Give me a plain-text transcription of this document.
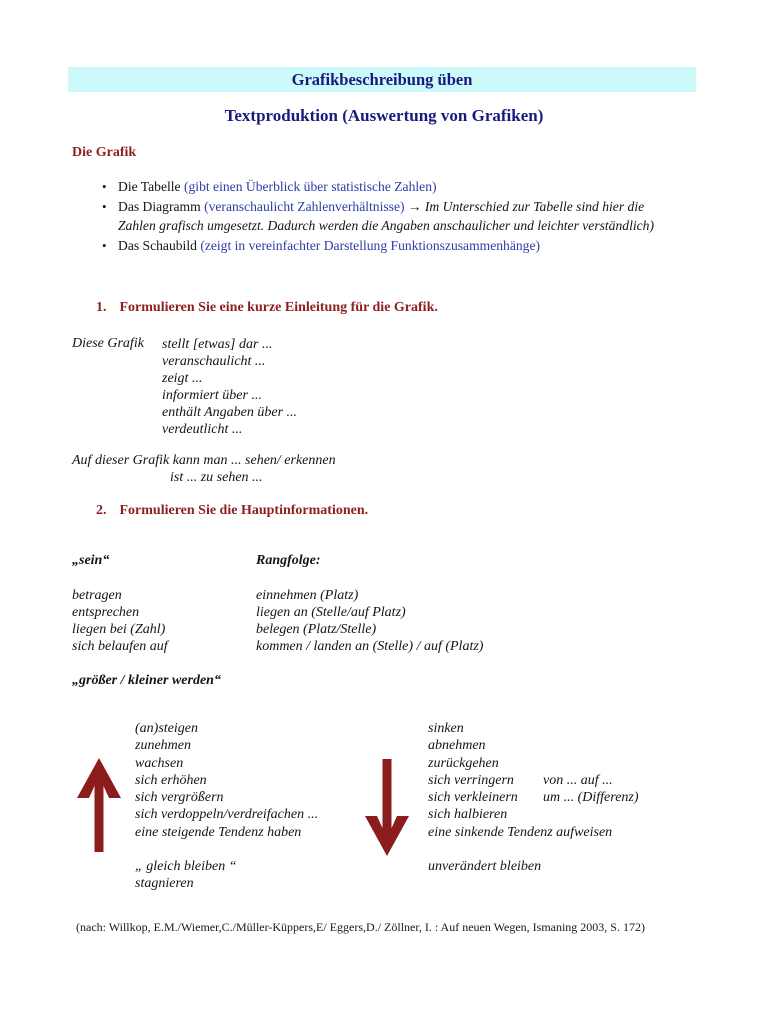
Grafikbeschreibung üben
Textproduktion (Auswertung von Grafiken)
Die Grafik
• Die Tabelle (gibt einen Überblick über statistische Zahlen)
• Das Diagramm (veranschaulicht Zahlenverhältnisse) → Im Unterschied zur Tabelle sind hier die Zahlen grafisch umgesetzt. Dadurch werden die Angaben anschaulicher und leichter verständlich)
• Das Schaubild (zeigt in vereinfachter Darstellung Funktionszusammenhänge)
1. Formulieren Sie eine kurze Einleitung für die Grafik.
Diese Grafik stellt [etwas] dar ...
veranschaulicht ...
zeigt ...
informiert über ...
enthält Angaben über ...
verdeutlicht ...
Auf dieser Grafik kann man ... sehen/ erkennen
ist ... zu sehen ...
2. Formulieren Sie die Hauptinformationen.
„sein“	Rangfolge:
betragen	einnehmen (Platz)
entsprechen	liegen an (Stelle/auf Platz)
liegen bei (Zahl)	belegen (Platz/Stelle)
sich belaufen auf	kommen / landen an (Stelle) / auf (Platz)
„größer / kleiner werden“
(an)steigen
zunehmen
wachsen
sich erhöhen
sich vergrößern
sich verdoppeln/verdreifachen ...
eine steigende Tendenz haben
„ gleich bleiben “
stagnieren
sinken
abnehmen
zurückgehen
sich verringern	von ... auf ...
sich verkleinern	um ... (Differenz)
sich halbieren
eine sinkende Tendenz aufweisen
unverändert bleiben
(nach: Willkop, E.M./Wiemer,C./Müller-Küppers,E/ Eggers,D./ Zöllner, I. : Auf neuen Wegen, Ismaning 2003, S. 172)
